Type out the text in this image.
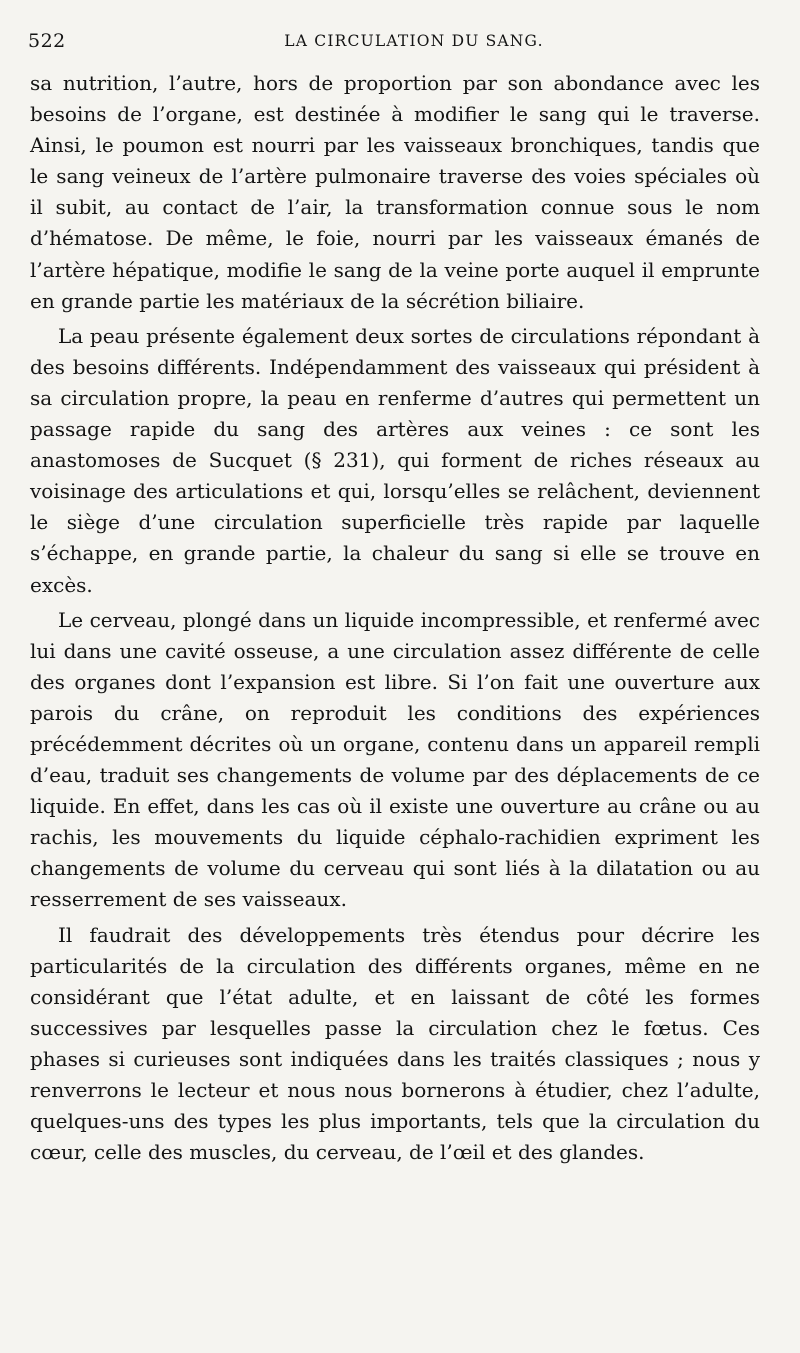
522	LA CIRCULATION DU SANG.

sa nutrition, l’autre, hors de proportion par son abondance avec les besoins de l’organe, est destinée à modifier le sang qui le traverse. Ainsi, le poumon est nourri par les vaisseaux bronchiques, tandis que le sang veineux de l’artère pulmonaire traverse des voies spéciales où il subit, au contact de l’air, la transformation connue sous le nom d’hématose. De même, le foie, nourri par les vaisseaux émanés de l’artère hépatique, modifie le sang de la veine porte auquel il emprunte en grande partie les matériaux de la sécrétion biliaire.

La peau présente également deux sortes de circulations répondant à des besoins différents. Indépendamment des vaisseaux qui président à sa circulation propre, la peau en renferme d’autres qui permettent un passage rapide du sang des artères aux veines : ce sont les anastomoses de Sucquet (§ 231), qui forment de riches réseaux au voisinage des articulations et qui, lorsqu’elles se relâchent, deviennent le siège d’une circulation superficielle très rapide par laquelle s’échappe, en grande partie, la chaleur du sang si elle se trouve en excès.

Le cerveau, plongé dans un liquide incompressible, et renfermé avec lui dans une cavité osseuse, a une circulation assez différente de celle des organes dont l’expansion est libre. Si l’on fait une ouverture aux parois du crâne, on reproduit les conditions des expériences précédemment décrites où un organe, contenu dans un appareil rempli d’eau, traduit ses changements de volume par des déplacements de ce liquide. En effet, dans les cas où il existe une ouverture au crâne ou au rachis, les mouvements du liquide céphalo-rachidien expriment les changements de volume du cerveau qui sont liés à la dilatation ou au resserrement de ses vaisseaux.

Il faudrait des développements très étendus pour décrire les particularités de la circulation des différents organes, même en ne considérant que l’état adulte, et en laissant de côté les formes successives par lesquelles passe la circulation chez le fœtus. Ces phases si curieuses sont indiquées dans les traités classiques ; nous y renverrons le lecteur et nous nous bornerons à étudier, chez l’adulte, quelques-uns des types les plus importants, tels que la circulation du cœur, celle des muscles, du cerveau, de l’œil et des glandes.
